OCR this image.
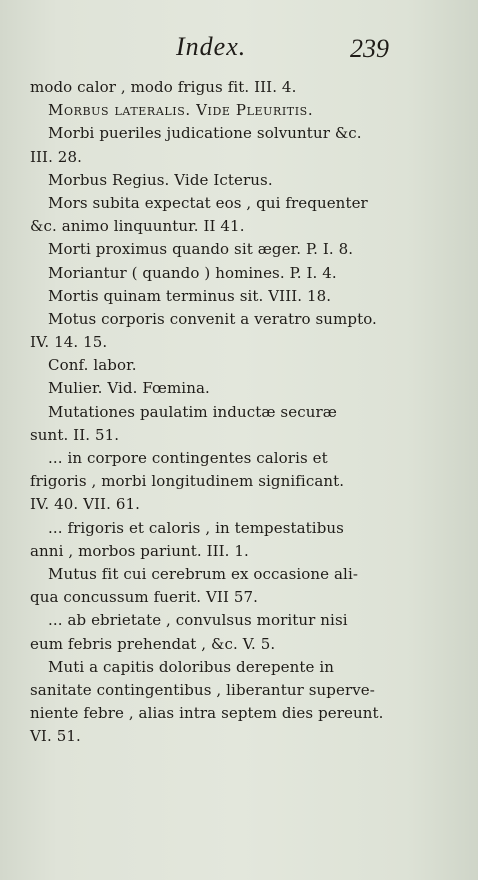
Index.	239
modo calor , modo frigus fit. III. 4.
Morbus lateralis. Vide Pleuritis.
Morbi pueriles judicatione solvuntur &c.
III. 28.
Morbus Regius. Vide Icterus.
Mors subita expectat eos , qui frequenter
&c. animo linquuntur. II 41.
Morti proximus quando sit æger. P. I. 8.
Moriantur ( quando ) homines. P. I. 4.
Mortis quinam terminus sit. VIII. 18.
Motus corporis convenit a veratro sumpto.
IV. 14. 15.
Conf. labor.
Mulier. Vid. Fœmina.
Mutationes paulatim inductæ securæ
sunt. II. 51.
... in corpore contingentes caloris et
frigoris , morbi longitudinem significant.
IV. 40. VII. 61.
... frigoris et caloris , in tempestatibus
anni , morbos pariunt. III. 1.
Mutus fit cui cerebrum ex occasione ali-
qua concussum fuerit. VII 57.
... ab ebrietate , convulsus moritur nisi
eum febris prehendat , &c. V. 5.
Muti a capitis doloribus derepente in
sanitate contingentibus , liberantur superve-
niente febre , alias intra septem dies pereunt.
VI. 51.
